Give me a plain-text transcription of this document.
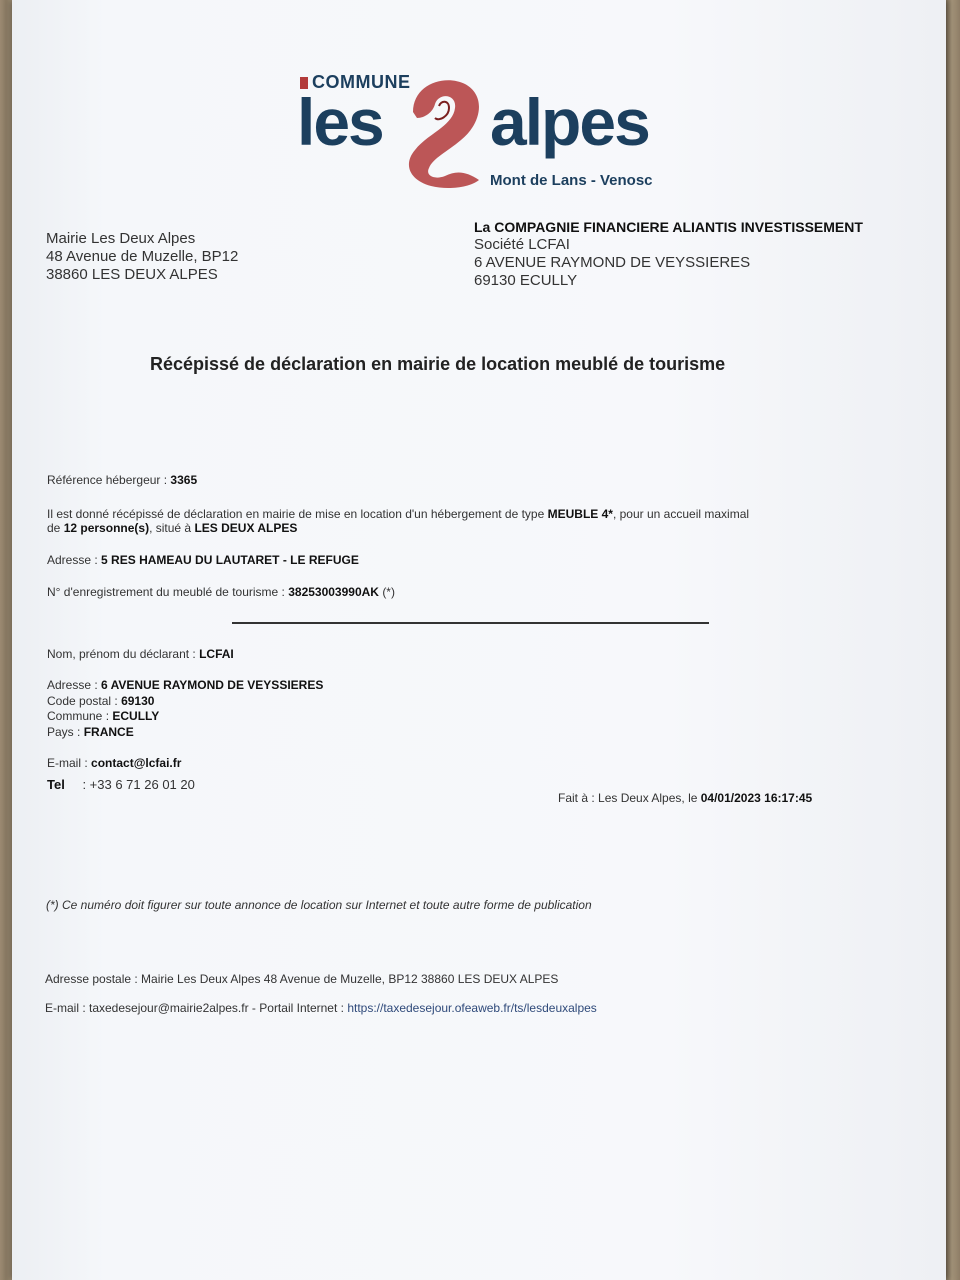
COMMUNE
les alpes
Mont de Lans - Venosc
Mairie Les Deux Alpes
48 Avenue de Muzelle, BP12
38860 LES DEUX ALPES
La COMPAGNIE FINANCIERE ALIANTIS INVESTISSEMENT
Société LCFAI
6 AVENUE RAYMOND DE VEYSSIERES
69130 ECULLY
Récépissé de déclaration en mairie de location meublé de tourisme
Référence hébergeur : 3365
Il est donné récépissé de déclaration en mairie de mise en location d'un hébergement de type MEUBLE 4*, pour un accueil maximal
de 12 personne(s), situé à LES DEUX ALPES
Adresse : 5 RES HAMEAU DU LAUTARET - LE REFUGE
N° d'enregistrement du meublé de tourisme : 38253003990AK (*)
Nom, prénom du déclarant : LCFAI
Adresse : 6 AVENUE RAYMOND DE VEYSSIERES
Code postal : 69130
Commune : ECULLY
Pays : FRANCE
E-mail : contact@lcfai.fr
Tel : +33 6 71 26 01 20
Fait à : Les Deux Alpes, le 04/01/2023 16:17:45
(*) Ce numéro doit figurer sur toute annonce de location sur Internet et toute autre forme de publication
Adresse postale : Mairie Les Deux Alpes 48 Avenue de Muzelle, BP12 38860 LES DEUX ALPES
E-mail : taxedesejour@mairie2alpes.fr - Portail Internet : https://taxedesejour.ofeaweb.fr/ts/lesdeuxalpes
